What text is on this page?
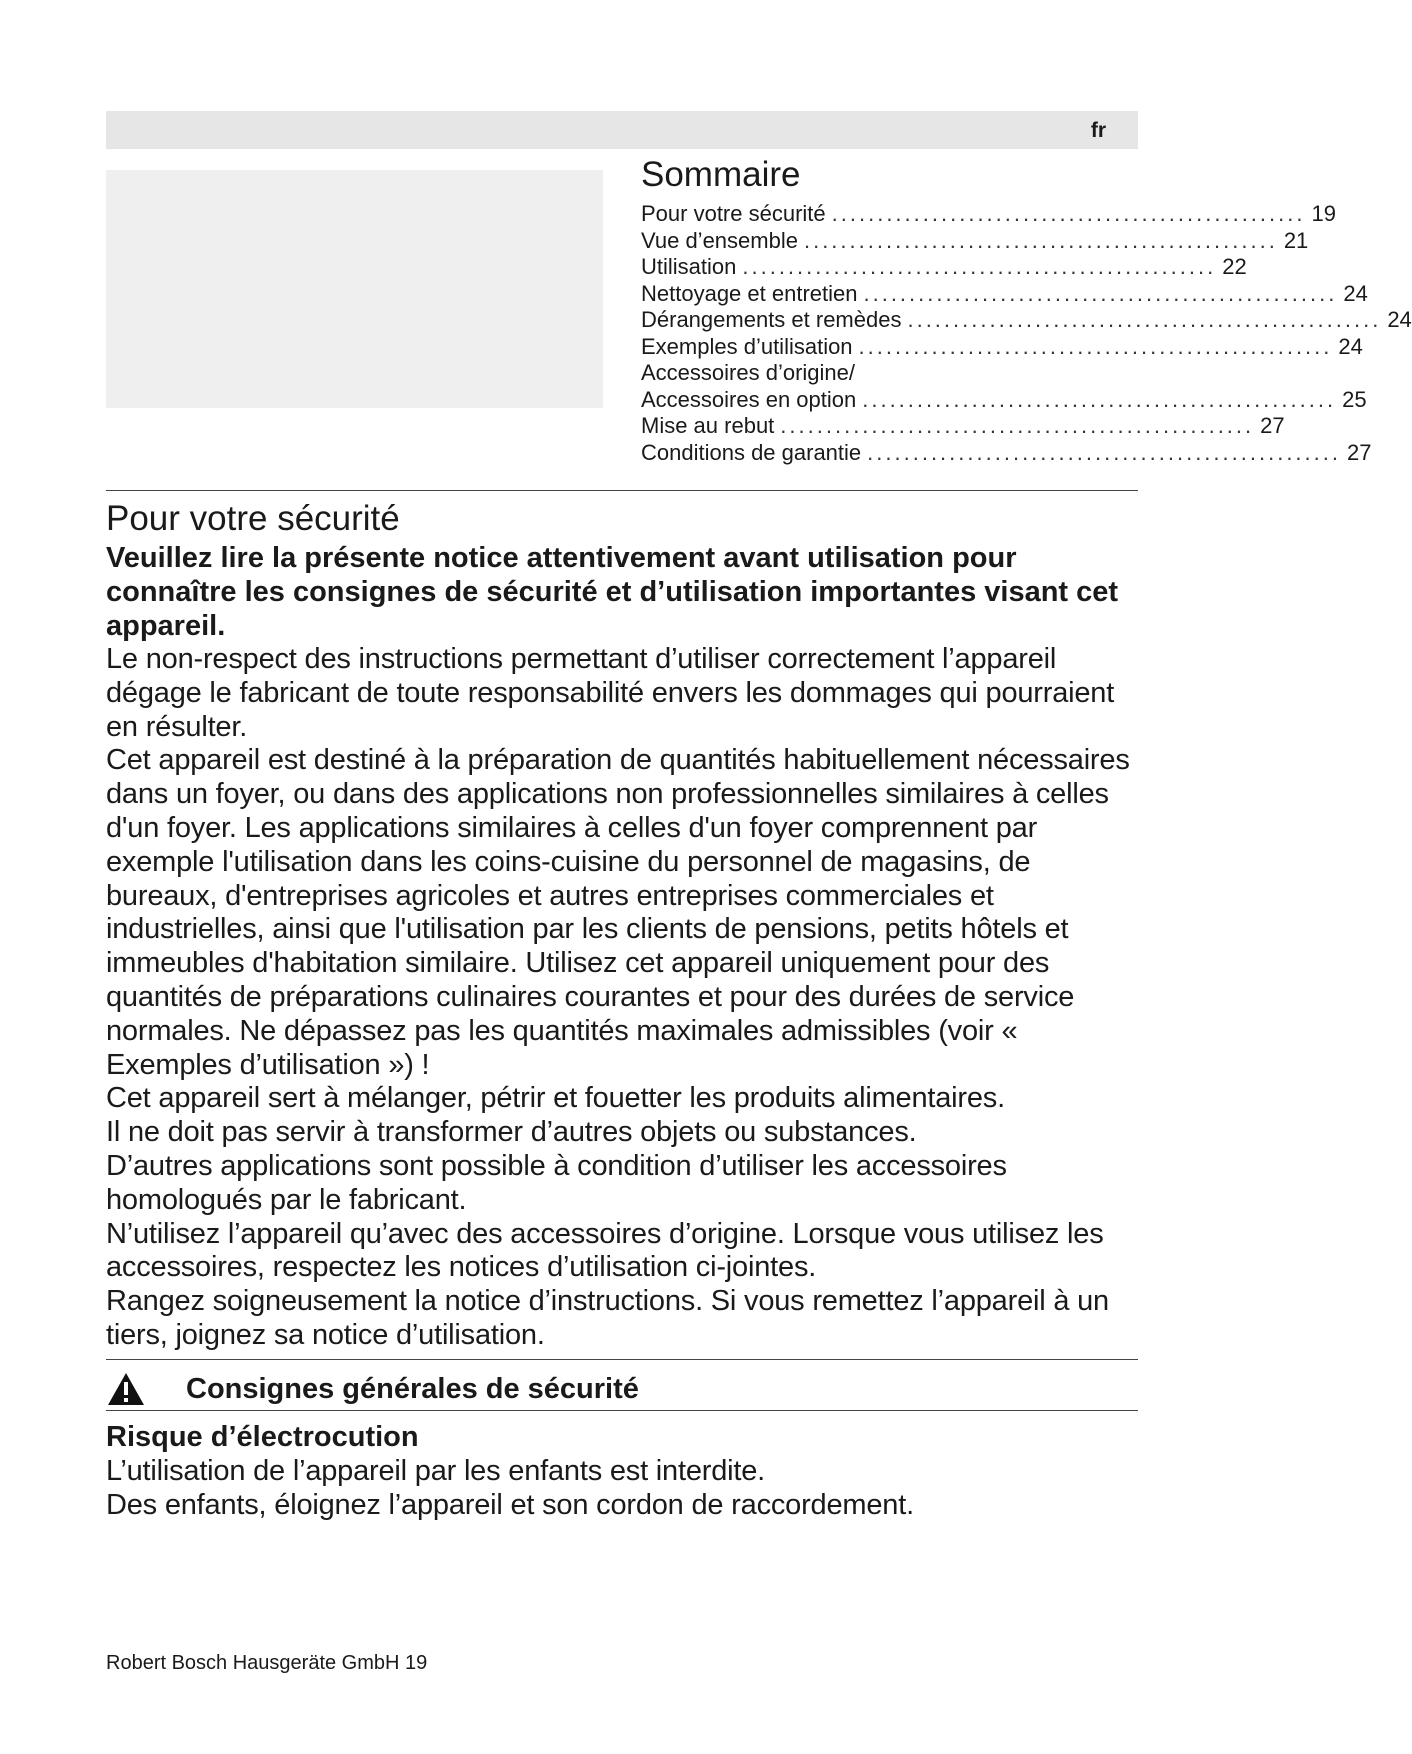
fr
Sommaire
Pour votre sécurité .................................................... 19
Vue d’ensemble .................................................... 21
Utilisation .................................................... 22
Nettoyage et entretien .................................................... 24
Dérangements et remèdes .................................................... 24
Exemples d’utilisation .................................................... 24
Accessoires d’origine/
Accessoires en option .................................................... 25
Mise au rebut .................................................... 27
Conditions de garantie .................................................... 27
Pour votre sécurité

Veuillez lire la présente notice attentivement avant utilisation pour connaître les consignes de sécurité et d’utilisation importantes visant cet appareil.

Le non-respect des instructions permettant d’utiliser correctement l’appareil dégage le fabricant de toute responsabilité envers les dommages qui pourraient en résulter.

Cet appareil est destiné à la préparation de quantités habituellement nécessaires dans un foyer, ou dans des applications non professionnelles similaires à celles d'un foyer. Les applications similaires à celles d'un foyer comprennent par exemple l'utilisation dans les coins-cuisine du personnel de magasins, de bureaux, d'entreprises agricoles et autres entreprises commerciales et industrielles, ainsi que l'utilisation par les clients de pensions, petits hôtels et immeubles d'habitation similaire. Utilisez cet appareil uniquement pour des quantités de préparations culinaires courantes et pour des durées de service normales. Ne dépassez pas les quantités maximales admissibles (voir « Exemples d’utilisation ») !

Cet appareil sert à mélanger, pétrir et fouetter les produits alimentaires.

Il ne doit pas servir à transformer d’autres objets ou substances.

D’autres applications sont possible à condition d’utiliser les accessoires homologués par le fabricant.

N’utilisez l’appareil qu’avec des accessoires d’origine. Lorsque vous utilisez les accessoires, respectez les notices d’utilisation ci-jointes.

Rangez soigneusement la notice d’instructions. Si vous remettez l’appareil à un tiers, joignez sa notice d’utilisation.

Consignes générales de sécurité
Risque d’électrocution

L’utilisation de l’appareil par les enfants est interdite.

Des enfants, éloignez l’appareil et son cordon de raccordement.

Robert Bosch Hausgeräte GmbH 19
